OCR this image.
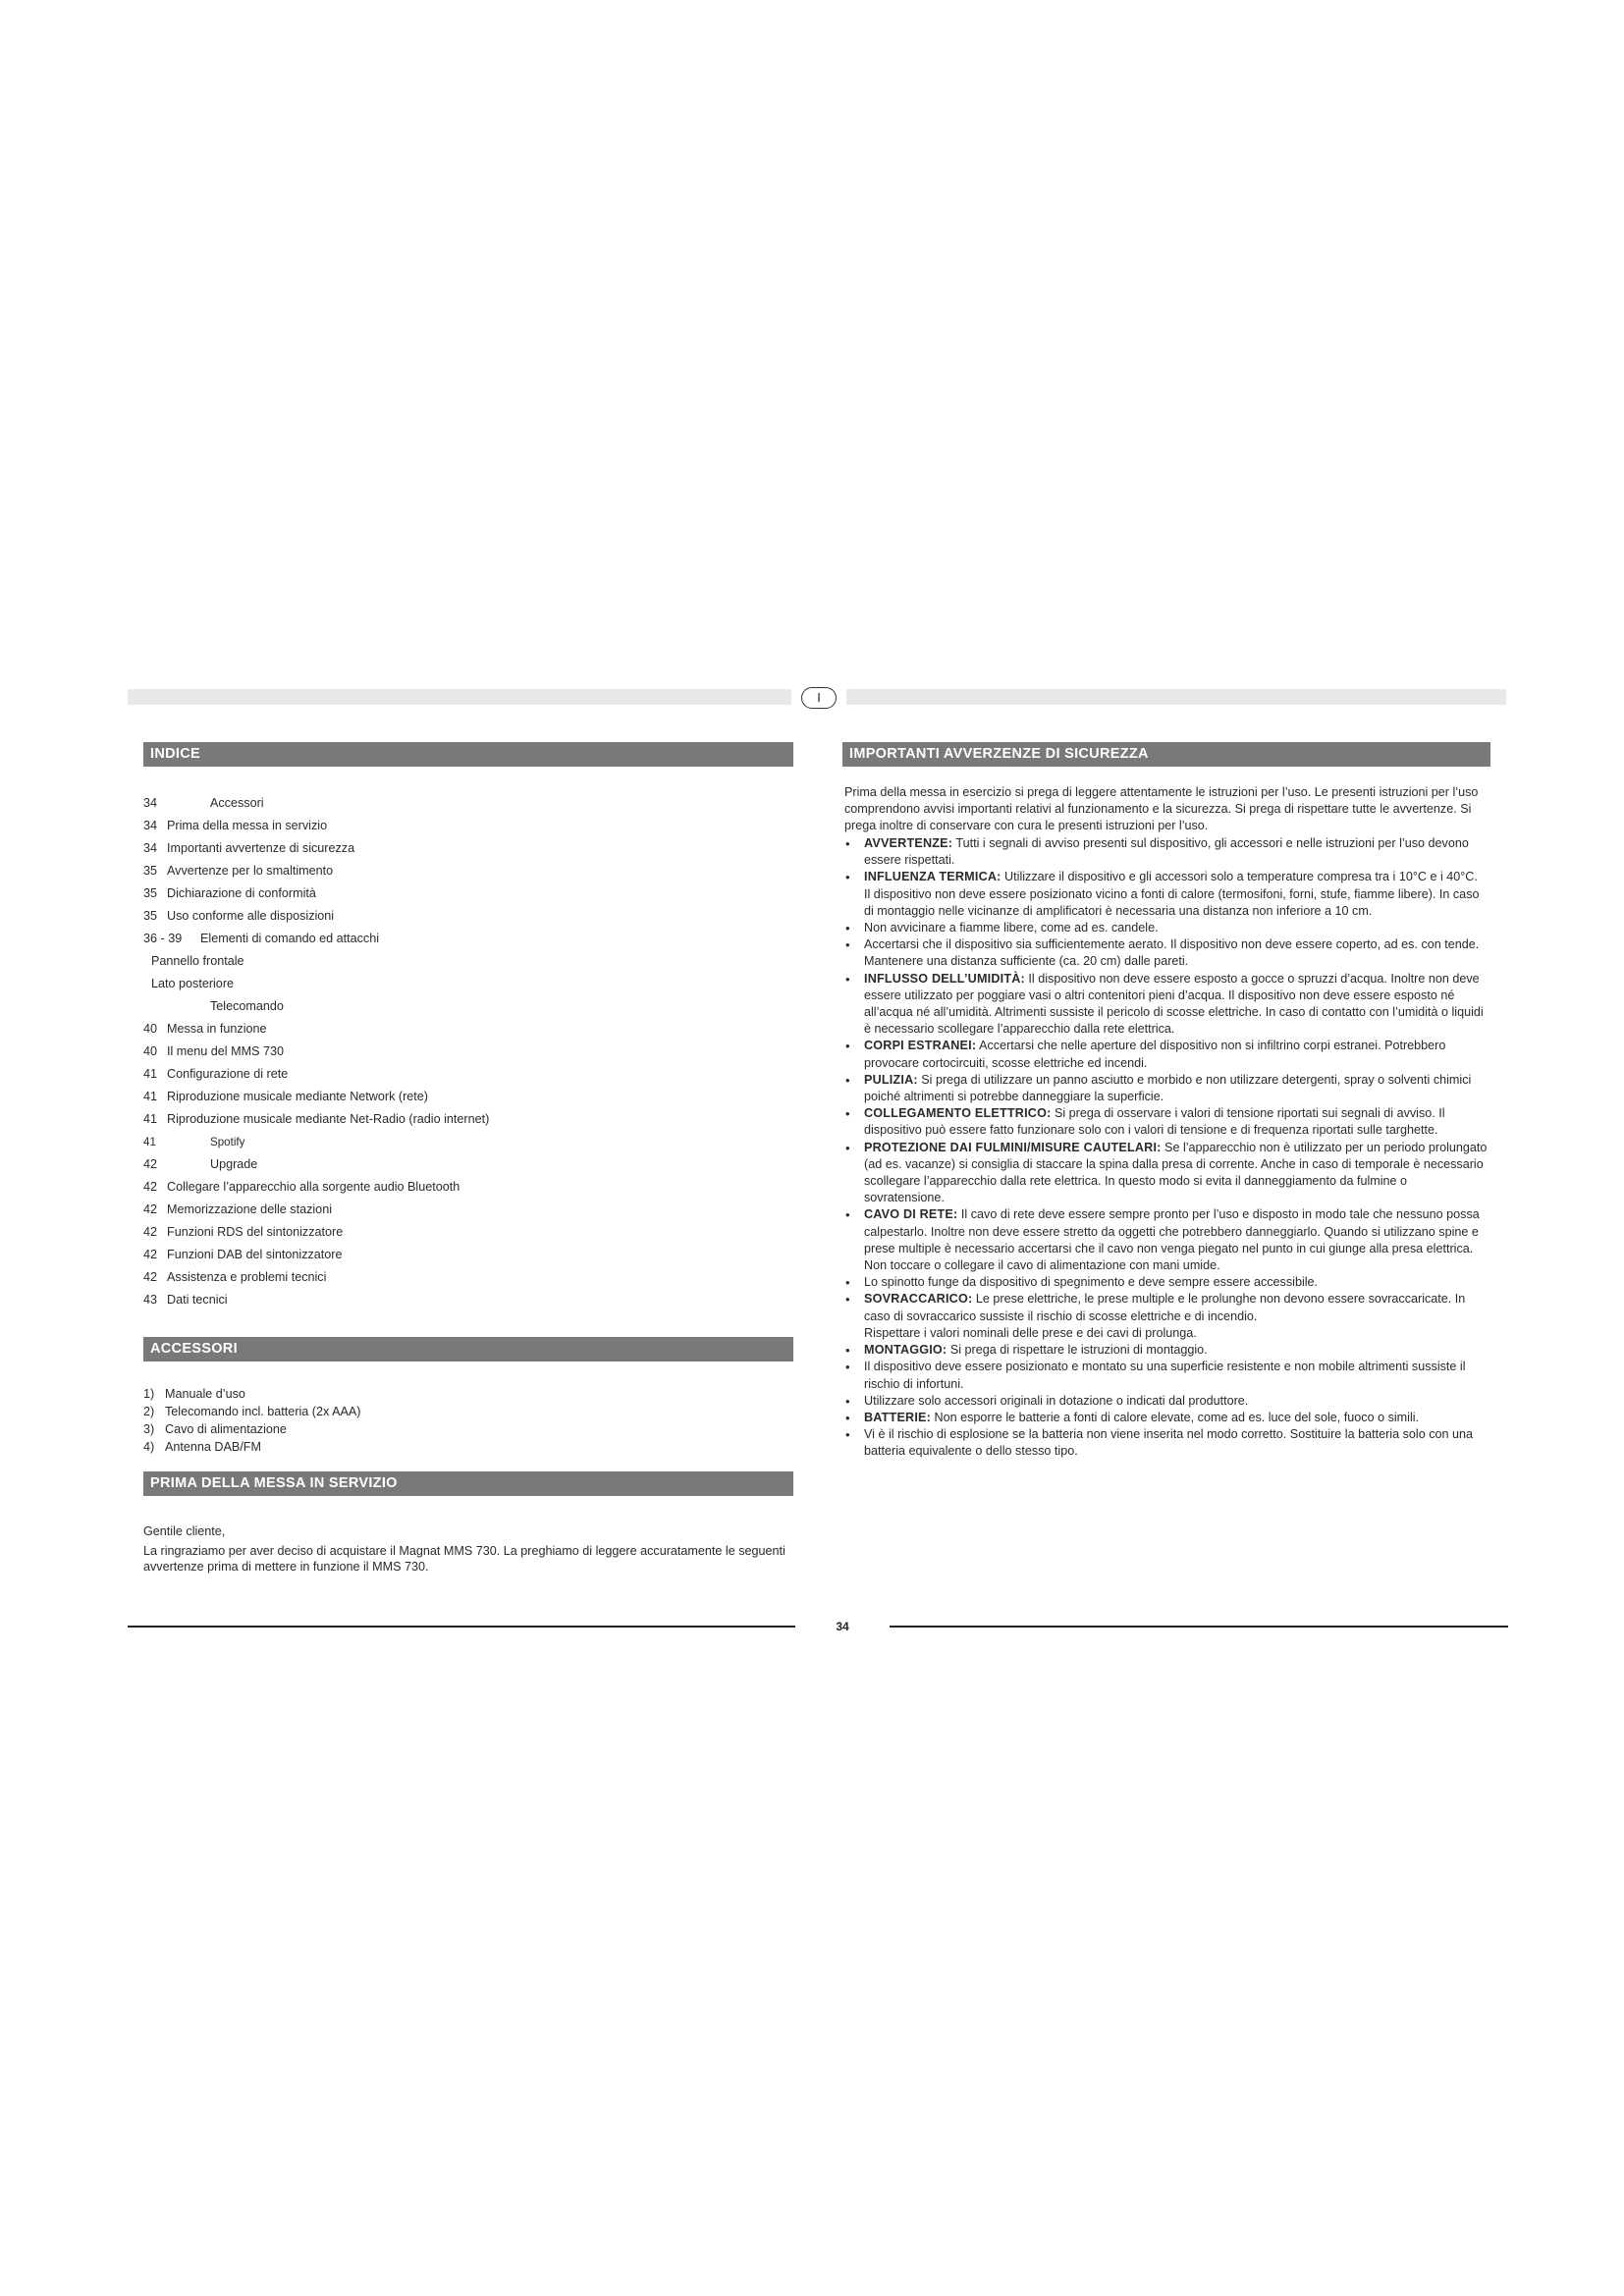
I
INDICE
34	Accessori
34 Prima della messa in servizio
34 Importanti avvertenze di sicurezza
35 Avvertenze per lo smaltimento
35 Dichiarazione di conformità
35 Uso conforme alle disposizioni
36 - 39	Elementi di comando ed attacchi
Pannello frontale
Lato posteriore
Telecomando
40 Messa in funzione
40 Il menu del MMS 730
41 Configurazione di rete
41 Riproduzione musicale mediante Network (rete)
41 Riproduzione musicale mediante Net-Radio (radio internet)
41	Spotify
42	Upgrade
42 Collegare l’apparecchio alla sorgente audio Bluetooth
42 Memorizzazione delle stazioni
42 Funzioni RDS del sintonizzatore
42 Funzioni DAB del sintonizzatore
42 Assistenza e problemi tecnici
43 Dati tecnici
ACCESSORI
1) Manuale d’uso
2) Telecomando incl. batteria (2x AAA)
3) Cavo di alimentazione
4) Antenna DAB/FM
PRIMA DELLA MESSA IN SERVIZIO

Gentile cliente,

La ringraziamo per aver deciso di acquistare il Magnat MMS 730. La preghiamo di leggere accuratamente le seguenti avvertenze prima di mettere in funzione il MMS 730.

IMPORTANTI AVVERZENZE DI SICUREZZA

Prima della messa in esercizio si prega di leggere attentamente le istruzioni per l’uso. Le presenti istruzioni per l’uso comprendono avvisi importanti relativi al funzionamento e la sicurezza. Si prega di rispettare tutte le avvertenze. Si prega inoltre di conservare con cura le presenti istruzioni per l’uso.

• AVVERTENZE: Tutti i segnali di avviso presenti sul dispositivo, gli accessori e nelle istruzioni per l’uso devono essere rispettati.
• INFLUENZA TERMICA: Utilizzare il dispositivo e gli accessori solo a temperature compresa tra i 10°C e i 40°C.
Il dispositivo non deve essere posizionato vicino a fonti di calore (termosifoni, forni, stufe, fiamme libere). In caso di montaggio nelle vicinanze di amplificatori è necessaria una distanza non inferiore a 10 cm.
• Non avvicinare a fiamme libere, come ad es. candele.
• Accertarsi che il dispositivo sia sufficientemente aerato. Il dispositivo non deve essere coperto, ad es. con tende. Mantenere una distanza sufficiente (ca. 20 cm) dalle pareti.
• INFLUSSO DELL’UMIDITÀ: Il dispositivo non deve essere esposto a gocce o spruzzi d’acqua. Inoltre non deve essere utilizzato per poggiare vasi o altri contenitori pieni d’acqua. Il dispositivo non deve essere esposto né all’acqua né all’umidità. Altrimenti sussiste il pericolo di scosse elettriche. In caso di contatto con l’umidità o liquidi è necessario scollegare l’apparecchio dalla rete elettrica.
• CORPI ESTRANEI: Accertarsi che nelle aperture del dispositivo non si infiltrino corpi estranei. Potrebbero provocare cortocircuiti, scosse elettriche ed incendi.
• PULIZIA: Si prega di utilizzare un panno asciutto e morbido e non utilizzare detergenti, spray o solventi chimici poiché altrimenti si potrebbe danneggiare la superficie.
• COLLEGAMENTO ELETTRICO: Si prega di osservare i valori di tensione riportati sui segnali di avviso. Il dispositivo può essere fatto funzionare solo con i valori di tensione e di frequenza riportati sulle targhette.
• PROTEZIONE DAI FULMINI/MISURE CAUTELARI: Se l’apparecchio non è utilizzato per un periodo prolungato (ad es. vacanze) si consiglia di staccare la spina dalla presa di corrente. Anche in caso di temporale è necessario scollegare l’apparecchio dalla rete elettrica. In questo modo si evita il danneggiamento da fulmine o sovratensione.
• CAVO DI RETE: Il cavo di rete deve essere sempre pronto per l’uso e disposto in modo tale che nessuno possa calpestarlo. Inoltre non deve essere stretto da oggetti che potrebbero danneggiarlo. Quando si utilizzano spine e prese multiple è necessario accertarsi che il cavo non venga piegato nel punto in cui giunge alla presa elettrica. Non toccare o collegare il cavo di alimentazione con mani umide.
• Lo spinotto funge da dispositivo di spegnimento e deve sempre essere accessibile.
• SOVRACCARICO: Le prese elettriche, le prese multiple e le prolunghe non devono essere sovraccaricate. In caso di sovraccarico sussiste il rischio di scosse elettriche e di incendio.
Rispettare i valori nominali delle prese e dei cavi di prolunga.
• MONTAGGIO: Si prega di rispettare le istruzioni di montaggio.
• Il dispositivo deve essere posizionato e montato su una superficie resistente e non mobile altrimenti sussiste il rischio di infortuni.
• Utilizzare solo accessori originali in dotazione o indicati dal produttore.
• BATTERIE: Non esporre le batterie a fonti di calore elevate, come ad es. luce del sole, fuoco o simili.
• Vi è il rischio di esplosione se la batteria non viene inserita nel modo corretto. Sostituire la batteria solo con una batteria equivalente o dello stesso tipo.
34
